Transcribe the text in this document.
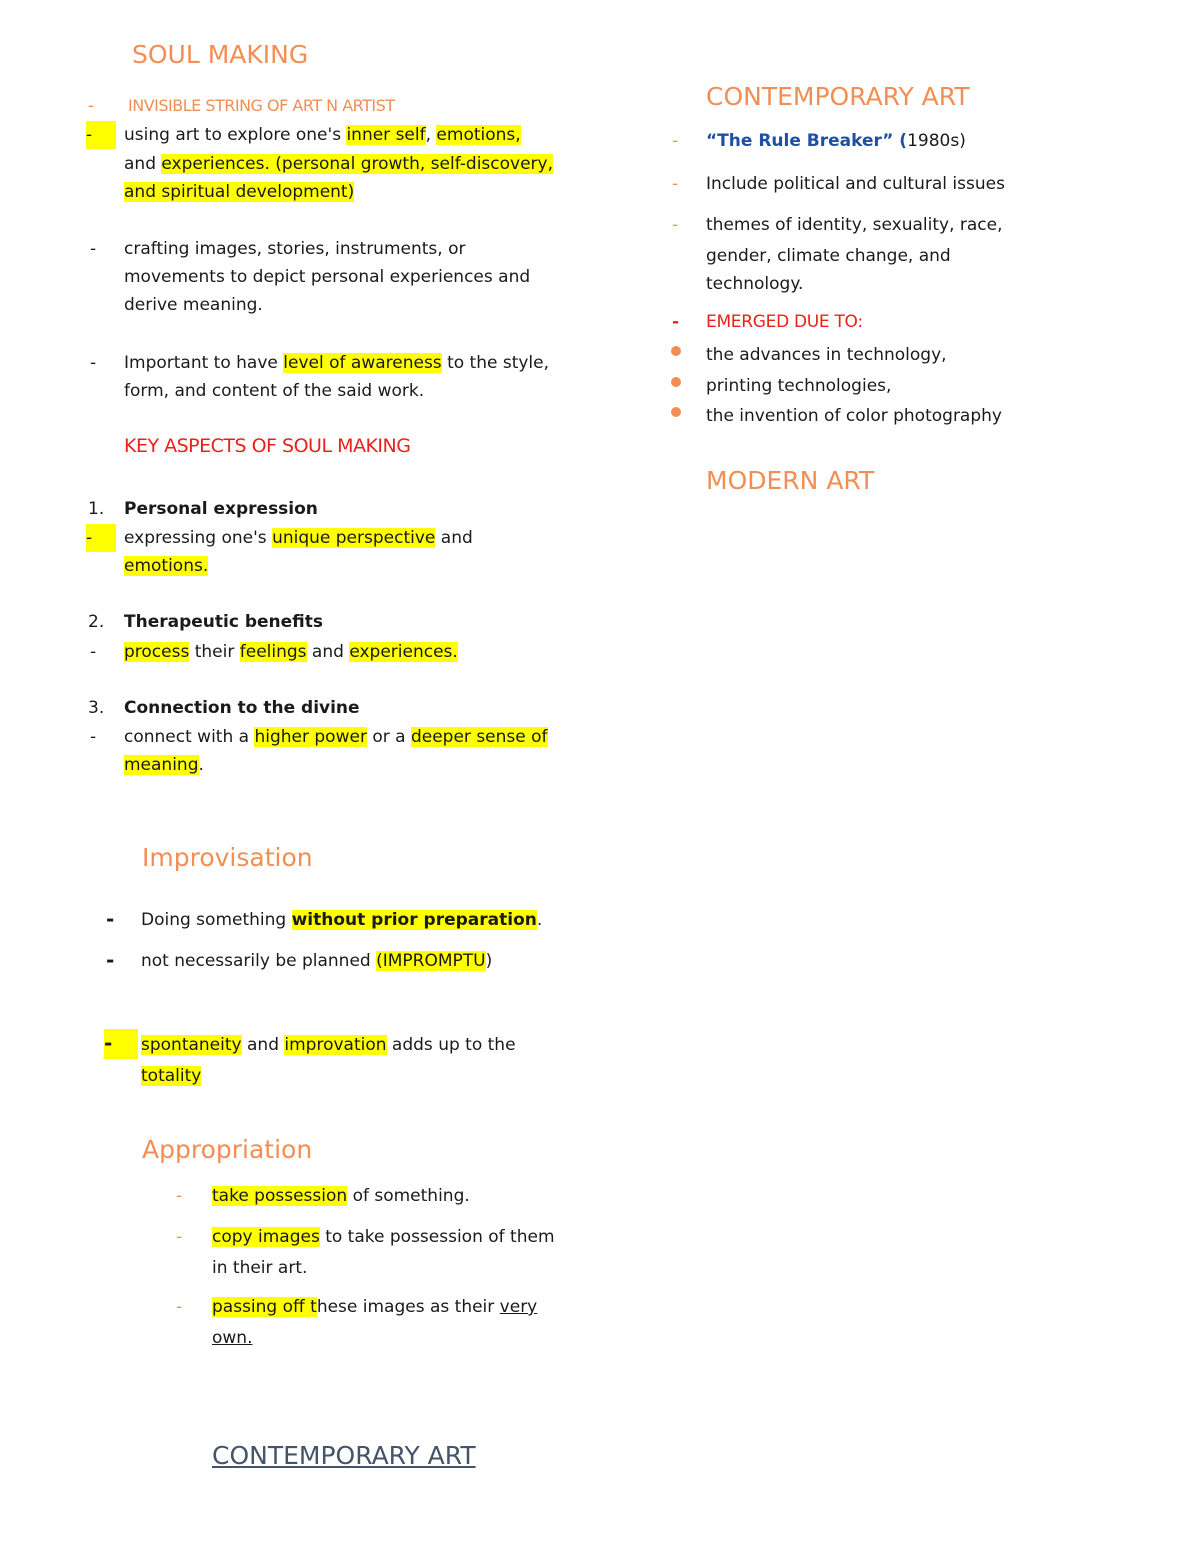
SOUL MAKING
- INVISIBLE STRING OF ART N ARTIST
-	using art to explore one's inner self, emotions,
and experiences. (personal growth, self-discovery,
and spiritual development)
- crafting images, stories, instruments, or
movements to depict personal experiences and
derive meaning.
- Important to have level of awareness to the style,
form, and content of the said work.
KEY ASPECTS OF SOUL MAKING
1. Personal expression
-	expressing one's unique perspective and
emotions.
2. Therapeutic benefits
- process their feelings and experiences.
3. Connection to the divine
- connect with a higher power or a deeper sense of
meaning.
Improvisation
- Doing something without prior preparation.
- not necessarily be planned (IMPROMPTU)
-	spontaneity and improvation adds up to the
totality
Appropriation
- take possession of something.
- copy images to take possession of them
in their art.
- passing off these images as their very
own.
CONTEMPORARY ART
CONTEMPORARY ART
- “The Rule Breaker” (1980s)
- Include political and cultural issues
- themes of identity, sexuality, race,
gender, climate change, and
technology.
- EMERGED DUE TO:
the advances in technology,
printing technologies,
the invention of color photography
MODERN ART
